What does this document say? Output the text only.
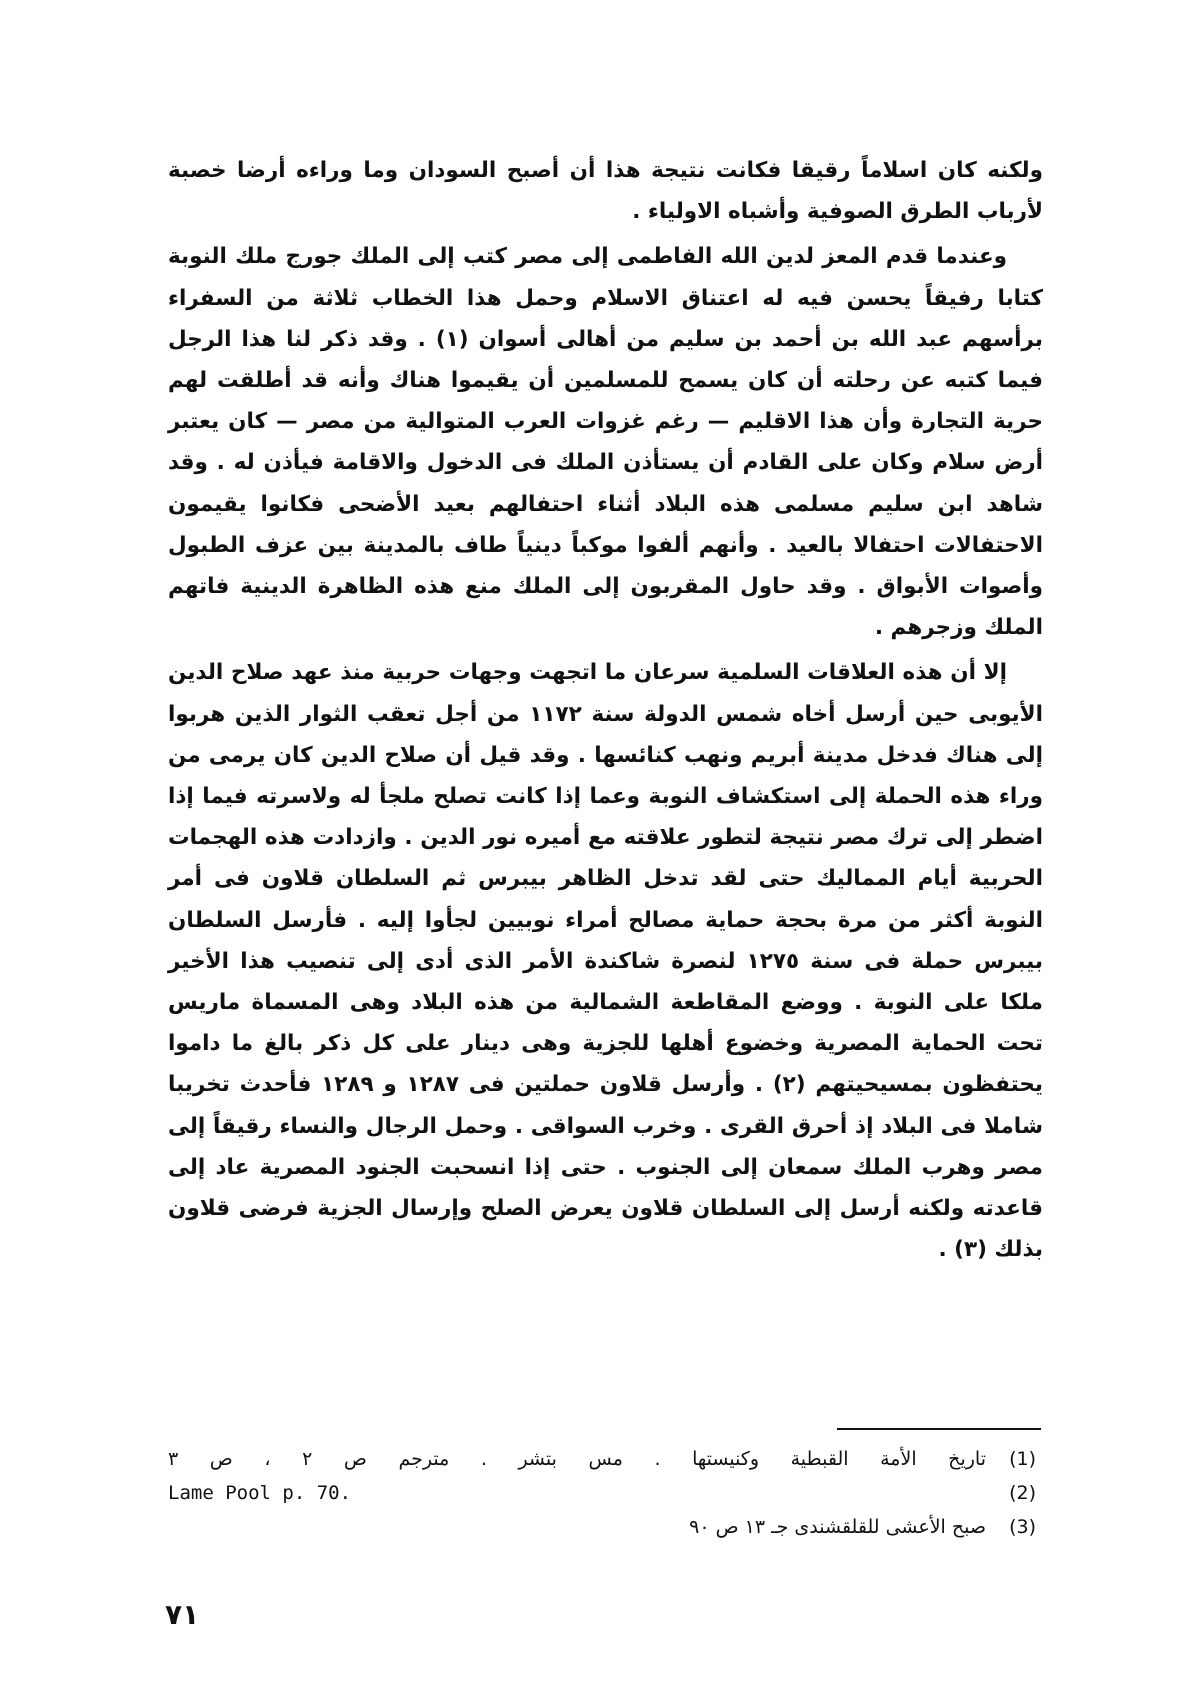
ولكنه كان اسلاماً رقيقا فكانت نتيجة هذا أن أصبح السودان وما وراءه أرضا خصبة لأرباب الطرق الصوفية وأشباه الاولياء .

وعندما قدم المعز لدين الله الفاطمى إلى مصر كتب إلى الملك جورج ملك النوبة كتابا رفيقاً يحسن فيه له اعتناق الاسلام وحمل هذا الخطاب ثلاثة من السفراء برأسهم عبد الله بن أحمد بن سليم من أهالى أسوان (١) . وقد ذكر لنا هذا الرجل فيما كتبه عن رحلته أن كان يسمح للمسلمين أن يقيموا هناك وأنه قد أطلقت لهم حرية التجارة وأن هذا الاقليم — رغم غزوات العرب المتوالية من مصر — كان يعتبر أرض سلام وكان على القادم أن يستأذن الملك فى الدخول والاقامة فيأذن له . وقد شاهد ابن سليم مسلمى هذه البلاد أثناء احتفالهم بعيد الأضحى فكانوا يقيمون الاحتفالات احتفالا بالعيد . وأنهم ألفوا موكباً دينياً طاف بالمدينة بين عزف الطبول وأصوات الأبواق . وقد حاول المقربون إلى الملك منع هذه الظاهرة الدينية فاتهم الملك وزجرهم .

إلا أن هذه العلاقات السلمية سرعان ما اتجهت وجهات حربية منذ عهد صلاح الدين الأيوبى حين أرسل أخاه شمس الدولة سنة ١١٧٢ من أجل تعقب الثوار الذين هربوا إلى هناك فدخل مدينة أبريم ونهب كنائسها . وقد قيل أن صلاح الدين كان يرمى من وراء هذه الحملة إلى استكشاف النوبة وعما إذا كانت تصلح ملجأ له ولاسرته فيما إذا اضطر إلى ترك مصر نتيجة لتطور علاقته مع أميره نور الدين . وازدادت هذه الهجمات الحربية أيام المماليك حتى لقد تدخل الظاهر بيبرس ثم السلطان قلاون فى أمر النوبة أكثر من مرة بحجة حماية مصالح أمراء نوبيين لجأوا إليه . فأرسل السلطان بيبرس حملة فى سنة ١٢٧٥ لنصرة شاكندة الأمر الذى أدى إلى تنصيب هذا الأخير ملكا على النوبة . ووضع المقاطعة الشمالية من هذه البلاد وهى المسماة ماريس تحت الحماية المصرية وخضوع أهلها للجزية وهى دينار على كل ذكر بالغ ما داموا يحتفظون بمسيحيتهم (٢) . وأرسل قلاون حملتين فى ١٢٨٧ و ١٢٨٩ فأحدث تخريبا شاملا فى البلاد إذ أحرق القرى . وخرب السواقى . وحمل الرجال والنساء رقيقاً إلى مصر وهرب الملك سمعان إلى الجنوب . حتى إذا انسحبت الجنود المصرية عاد إلى قاعدته ولكنه أرسل إلى السلطان قلاون يعرض الصلح وإرسال الجزية فرضى قلاون بذلك (٣) .

(1)
تاريخ الأمة القبطية وكنيستها . مس بتشر . مترجم ص ٢ ، ص ٣
(2)
Lame Pool p. 70.
(3)
صبح الأعشى للقلقشندى جـ ١٣ ص ٩٠
٧١
